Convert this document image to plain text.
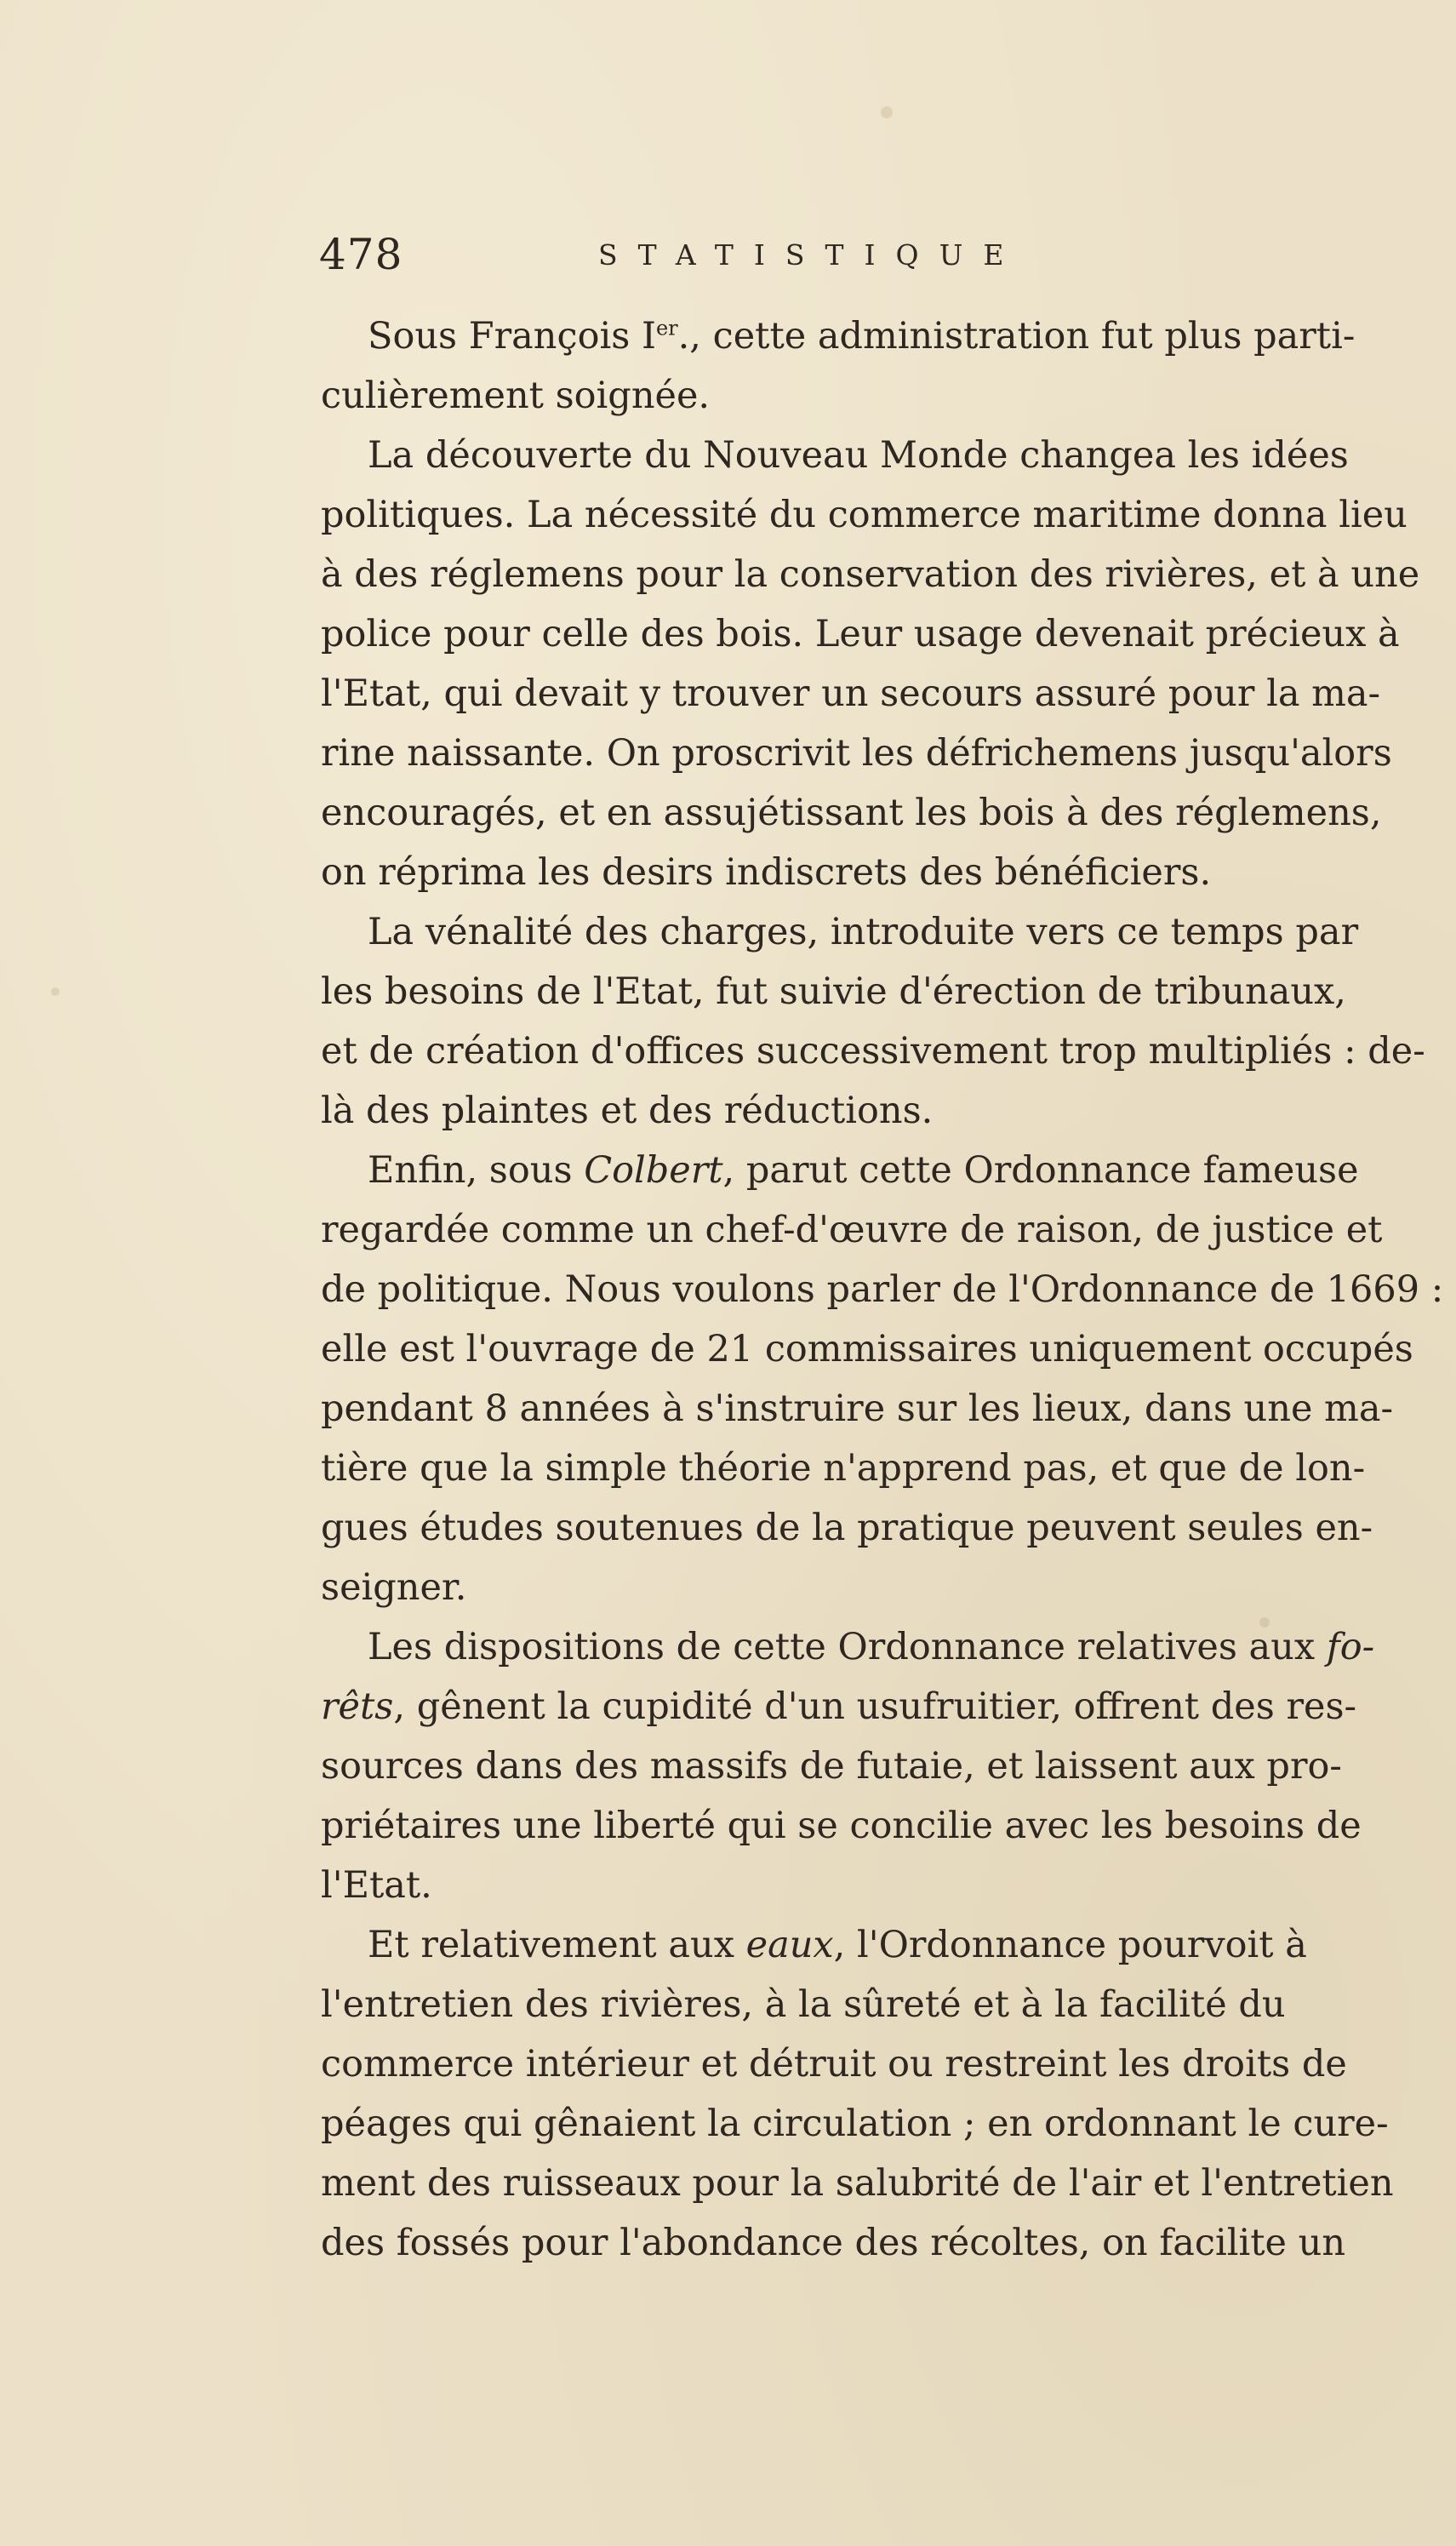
478	STATISTIQUE
Sous François Ier., cette administration fut plus parti-
culièrement soignée.
La découverte du Nouveau Monde changea les idées
politiques. La nécessité du commerce maritime donna lieu
à des réglemens pour la conservation des rivières, et à une
police pour celle des bois. Leur usage devenait précieux à
l'Etat, qui devait y trouver un secours assuré pour la ma-
rine naissante. On proscrivit les défrichemens jusqu'alors
encouragés, et en assujétissant les bois à des réglemens,
on réprima les desirs indiscrets des bénéficiers.
La vénalité des charges, introduite vers ce temps par
les besoins de l'Etat, fut suivie d'érection de tribunaux,
et de création d'offices successivement trop multipliés : de-
là des plaintes et des réductions.
Enfin, sous Colbert, parut cette Ordonnance fameuse
regardée comme un chef-d'œuvre de raison, de justice et
de politique. Nous voulons parler de l'Ordonnance de 1669 :
elle est l'ouvrage de 21 commissaires uniquement occupés
pendant 8 années à s'instruire sur les lieux, dans une ma-
tière que la simple théorie n'apprend pas, et que de lon-
gues études soutenues de la pratique peuvent seules en-
seigner.
Les dispositions de cette Ordonnance relatives aux fo-
rêts, gênent la cupidité d'un usufruitier, offrent des res-
sources dans des massifs de futaie, et laissent aux pro-
priétaires une liberté qui se concilie avec les besoins de
l'Etat.
Et relativement aux eaux, l'Ordonnance pourvoit à
l'entretien des rivières, à la sûreté et à la facilité du
commerce intérieur et détruit ou restreint les droits de
péages qui gênaient la circulation ; en ordonnant le cure-
ment des ruisseaux pour la salubrité de l'air et l'entretien
des fossés pour l'abondance des récoltes, on facilite un
